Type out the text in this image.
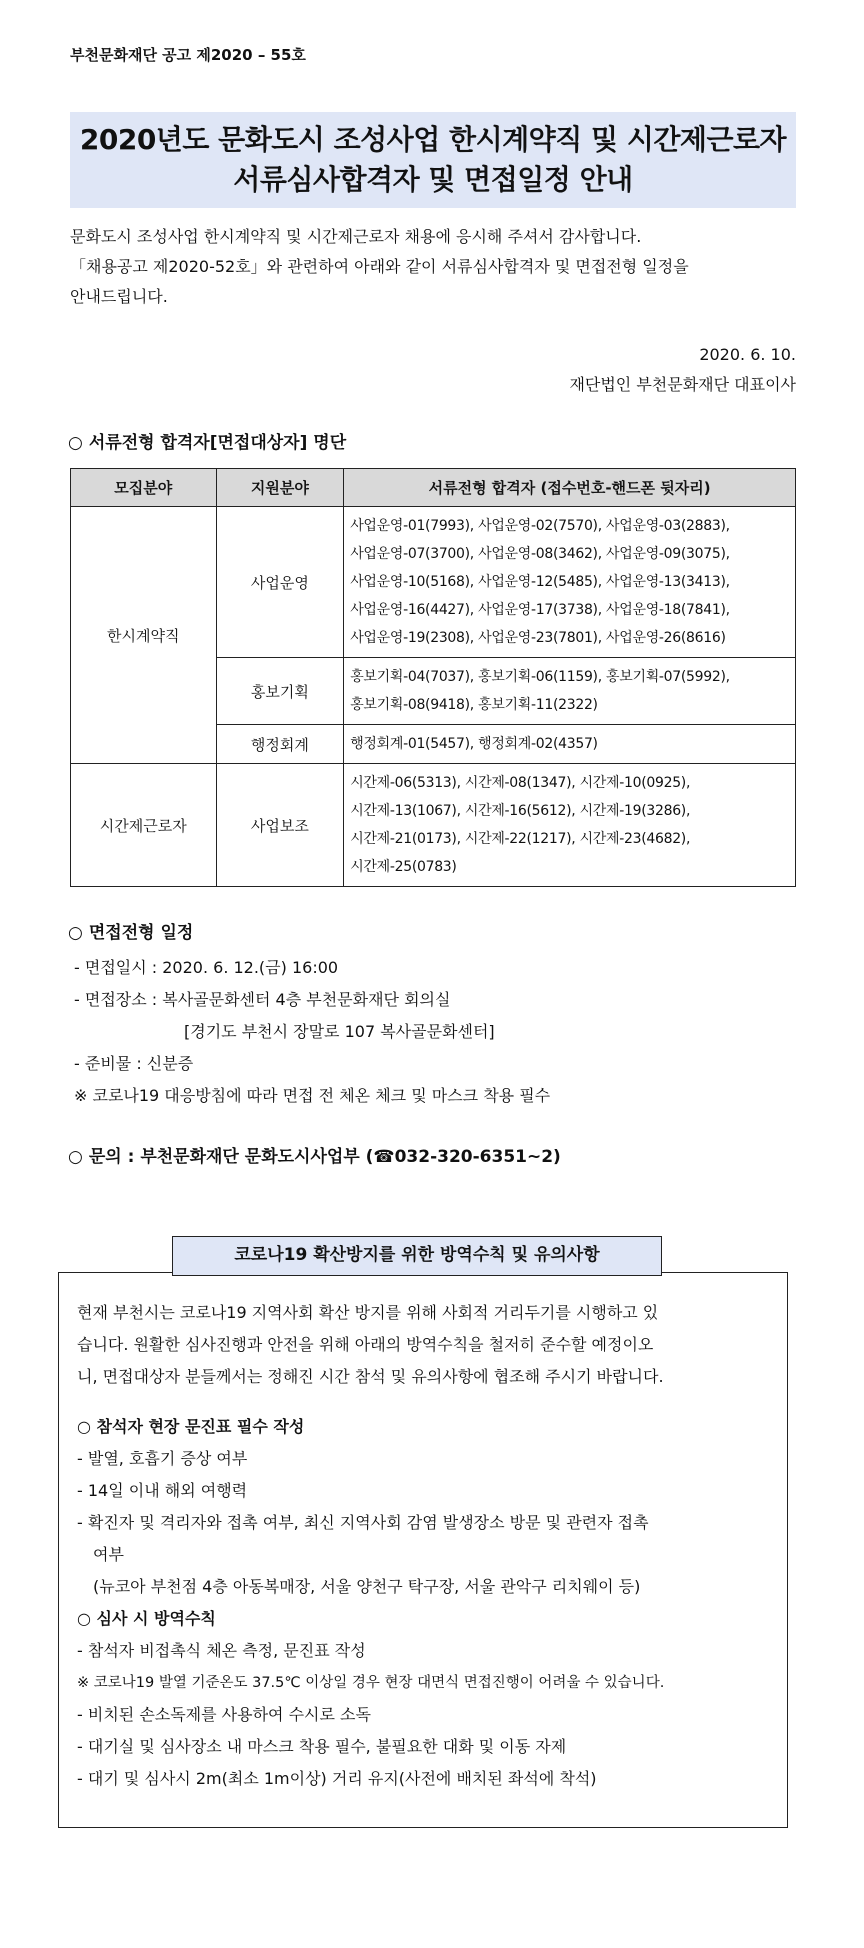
부천문화재단 공고 제2020 – 55호
2020년도 문화도시 조성사업 한시계약직 및 시간제근로자
서류심사합격자 및 면접일정 안내
문화도시 조성사업 한시계약직 및 시간제근로자 채용에 응시해 주셔서 감사합니다.
「채용공고 제2020-52호」와 관련하여 아래와 같이 서류심사합격자 및 면접전형 일정을
안내드립니다.
2020. 6. 10.
재단법인 부천문화재단 대표이사
○ 서류전형 합격자[면접대상자] 명단
모집분야	지원분야	서류전형 합격자 (접수번호-핸드폰 뒷자리)
한시계약직	사업운영	사업운영-01(7993), 사업운영-02(7570), 사업운영-03(2883),
사업운영-07(3700), 사업운영-08(3462), 사업운영-09(3075),
사업운영-10(5168), 사업운영-12(5485), 사업운영-13(3413),
사업운영-16(4427), 사업운영-17(3738), 사업운영-18(7841),
사업운영-19(2308), 사업운영-23(7801), 사업운영-26(8616)

	홍보기획	홍보기획-04(7037), 홍보기획-06(1159), 홍보기획-07(5992),
홍보기획-08(9418), 홍보기획-11(2322)

	행정회계	행정회계-01(5457), 행정회계-02(4357)

시간제근로자	사업보조	시간제-06(5313), 시간제-08(1347), 시간제-10(0925),
시간제-13(1067), 시간제-16(5612), 시간제-19(3286),
시간제-21(0173), 시간제-22(1217), 시간제-23(4682),
시간제-25(0783)
○ 면접전형 일정
- 면접일시 : 2020. 6. 12.(금) 16:00
- 면접장소 : 복사골문화센터 4층 부천문화재단 회의실
[경기도 부천시 장말로 107 복사골문화센터]
- 준비물 : 신분증
※ 코로나19 대응방침에 따라 면접 전 체온 체크 및 마스크 착용 필수
○ 문의 : 부천문화재단 문화도시사업부 (☎032-320-6351~2)
코로나19 확산방지를 위한 방역수칙 및 유의사항
현재 부천시는 코로나19 지역사회 확산 방지를 위해 사회적 거리두기를 시행하고 있
습니다. 원활한 심사진행과 안전을 위해 아래의 방역수칙을 철저히 준수할 예정이오
니, 면접대상자 분들께서는 정해진 시간 참석 및 유의사항에 협조해 주시기 바랍니다.
○ 참석자 현장 문진표 필수 작성
- 발열, 호흡기 증상 여부
- 14일 이내 해외 여행력
- 확진자 및 격리자와 접촉 여부, 최신 지역사회 감염 발생장소 방문 및 관련자 접촉
여부
(뉴코아 부천점 4층 아동복매장, 서울 양천구 탁구장, 서울 관악구 리치웨이 등)
○ 심사 시 방역수칙
- 참석자 비접촉식 체온 측정, 문진표 작성
※ 코로나19 발열 기준온도 37.5℃ 이상일 경우 현장 대면식 면접진행이 어려울 수 있습니다.
- 비치된 손소독제를 사용하여 수시로 소독
- 대기실 및 심사장소 내 마스크 착용 필수, 불필요한 대화 및 이동 자제
- 대기 및 심사시 2m(최소 1m이상) 거리 유지(사전에 배치된 좌석에 착석)
